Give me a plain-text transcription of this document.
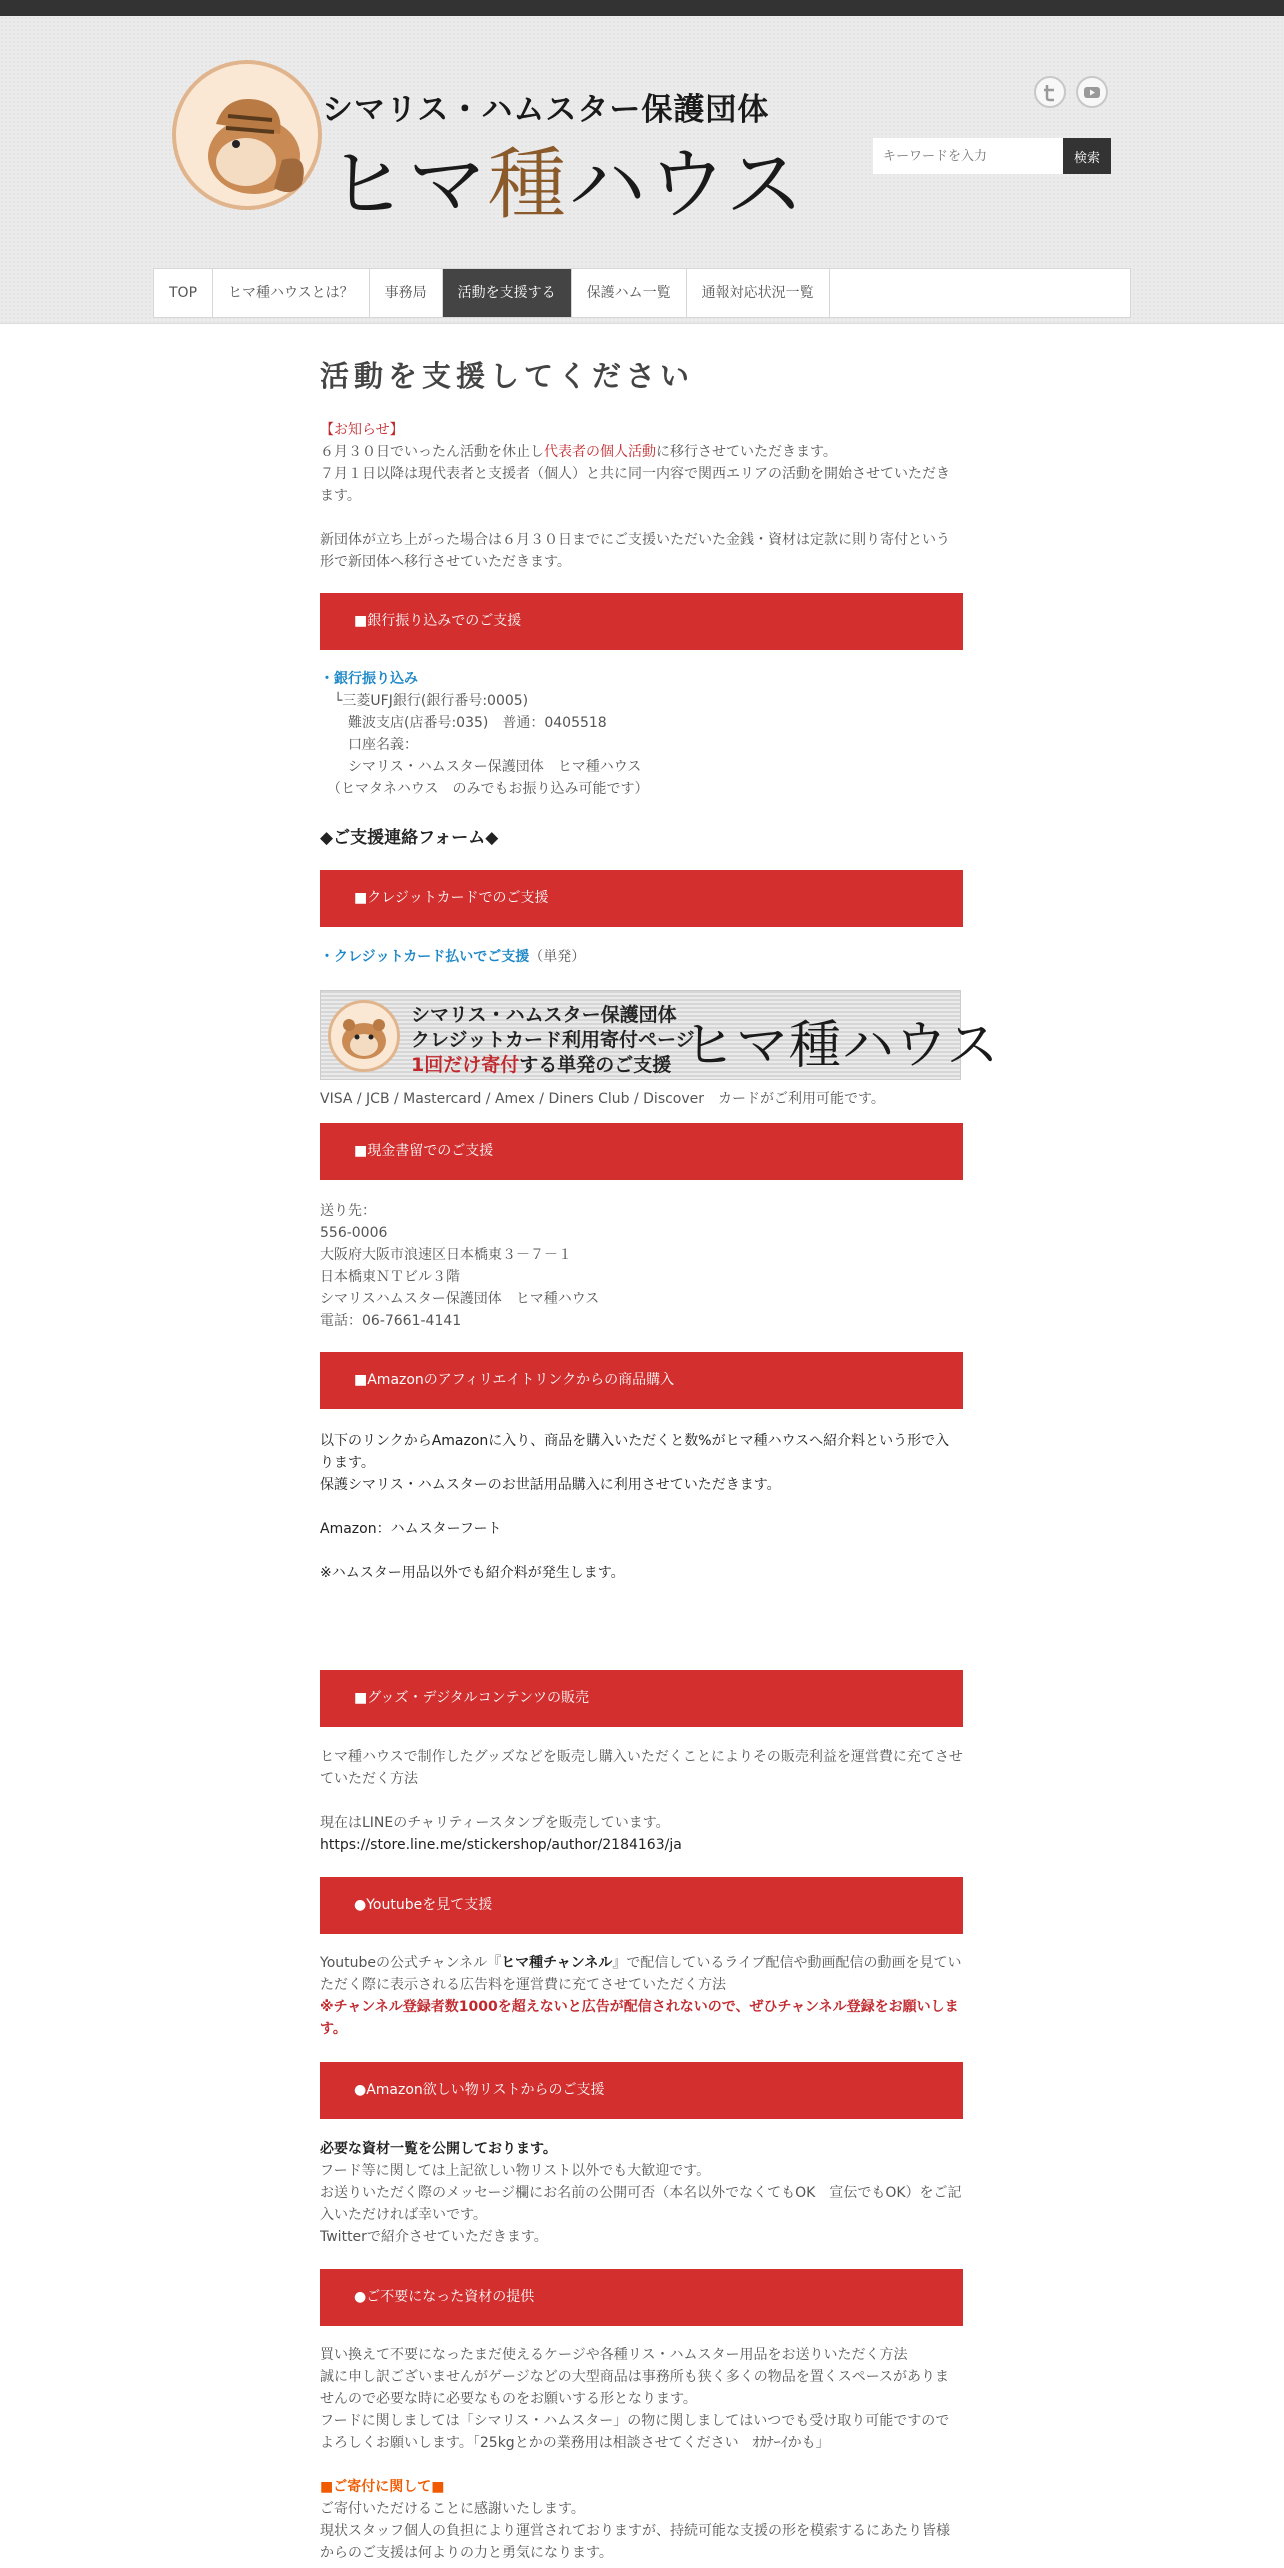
シマリス・ハムスター保護団体
ヒマ種ハウス
キーワードを入力	検索
TOP	ヒマ種ハウスとは？	事務局	活動を支援する	保護ハム一覧	通報対応状況一覧
活動を支援してください
【お知らせ】
６月３０日でいったん活動を休止し代表者の個人活動に移行させていただきます。
７月１日以降は現代表者と支援者（個人）と共に同一内容で関西エリアの活動を開始させていただきます。
新団体が立ち上がった場合は６月３０日までにご支援いただいた金銭・資材は定款に則り寄付という形で新団体へ移行させていただきます。
■銀行振り込みでのご支援
・銀行振り込み
　└三菱UFJ銀行(銀行番号:0005)
　　難波支店(店番号:035)　普通：0405518
　　口座名義：
　　シマリス・ハムスター保護団体　ヒマ種ハウス
　（ヒマタネハウス　のみでもお振り込み可能です）
◆ご支援連絡フォーム◆
■クレジットカードでのご支援
・クレジットカード払いでご支援（単発）
シマリス・ハムスター保護団体
クレジットカード利用寄付ページ
1回だけ寄付する単発のご支援 ヒマ種ハウス
VISA / JCB / Mastercard / Amex / Diners Club / Discover　カードがご利用可能です。
■現金書留でのご支援
送り先：
556-0006
大阪府大阪市浪速区日本橋東３－７－１
日本橋東ＮＴビル３階
シマリスハムスター保護団体　ヒマ種ハウス
電話：06-7661-4141
■Amazonのアフィリエイトリンクからの商品購入
以下のリンクからAmazonに入り、商品を購入いただくと数%がヒマ種ハウスへ紹介料という形で入ります。
保護シマリス・ハムスターのお世話用品購入に利用させていただきます。
Amazon：ハムスターフート
※ハムスター用品以外でも紹介料が発生します。
■グッズ・デジタルコンテンツの販売
ヒマ種ハウスで制作したグッズなどを販売し購入いただくことによりその販売利益を運営費に充てさせていただく方法
現在はLINEのチャリティースタンプを販売しています。
https://store.line.me/stickershop/author/2184163/ja
●Youtubeを見て支援
Youtubeの公式チャンネル『ヒマ種チャンネル』で配信しているライブ配信や動画配信の動画を見ていただく際に表示される広告料を運営費に充てさせていただく方法
※チャンネル登録者数1000を超えないと広告が配信されないので、ぜひチャンネル登録をお願いします。
●Amazon欲しい物リストからのご支援
必要な資材一覧を公開しております。
フード等に関しては上記欲しい物リスト以外でも大歓迎です。
お送りいただく際のメッセージ欄にお名前の公開可否（本名以外でなくてもOK　宣伝でもOK）をご記入いただければ幸いです。
Twitterで紹介させていただきます。
●ご不要になった資材の提供
買い換えて不要になったまだ使えるケージや各種リス・ハムスター用品をお送りいただく方法
誠に申し訳ございませんがゲージなどの大型商品は事務所も狭く多くの物品を置くスペースがありませんので必要な時に必要なものをお願いする形となります。
フードに関しましては「シマリス・ハムスター」の物に関しましてはいつでも受け取り可能ですのでよろしくお願いします。「25kgとかの業務用は相談させてください　ｵｶﾅｰｲかも」
■ご寄付に関して■
ご寄付いただけることに感謝いたします。
現状スタッフ個人の負担により運営されておりますが、持続可能な支援の形を模索するにあたり皆様からのご支援は何よりの力と勇気になります。
